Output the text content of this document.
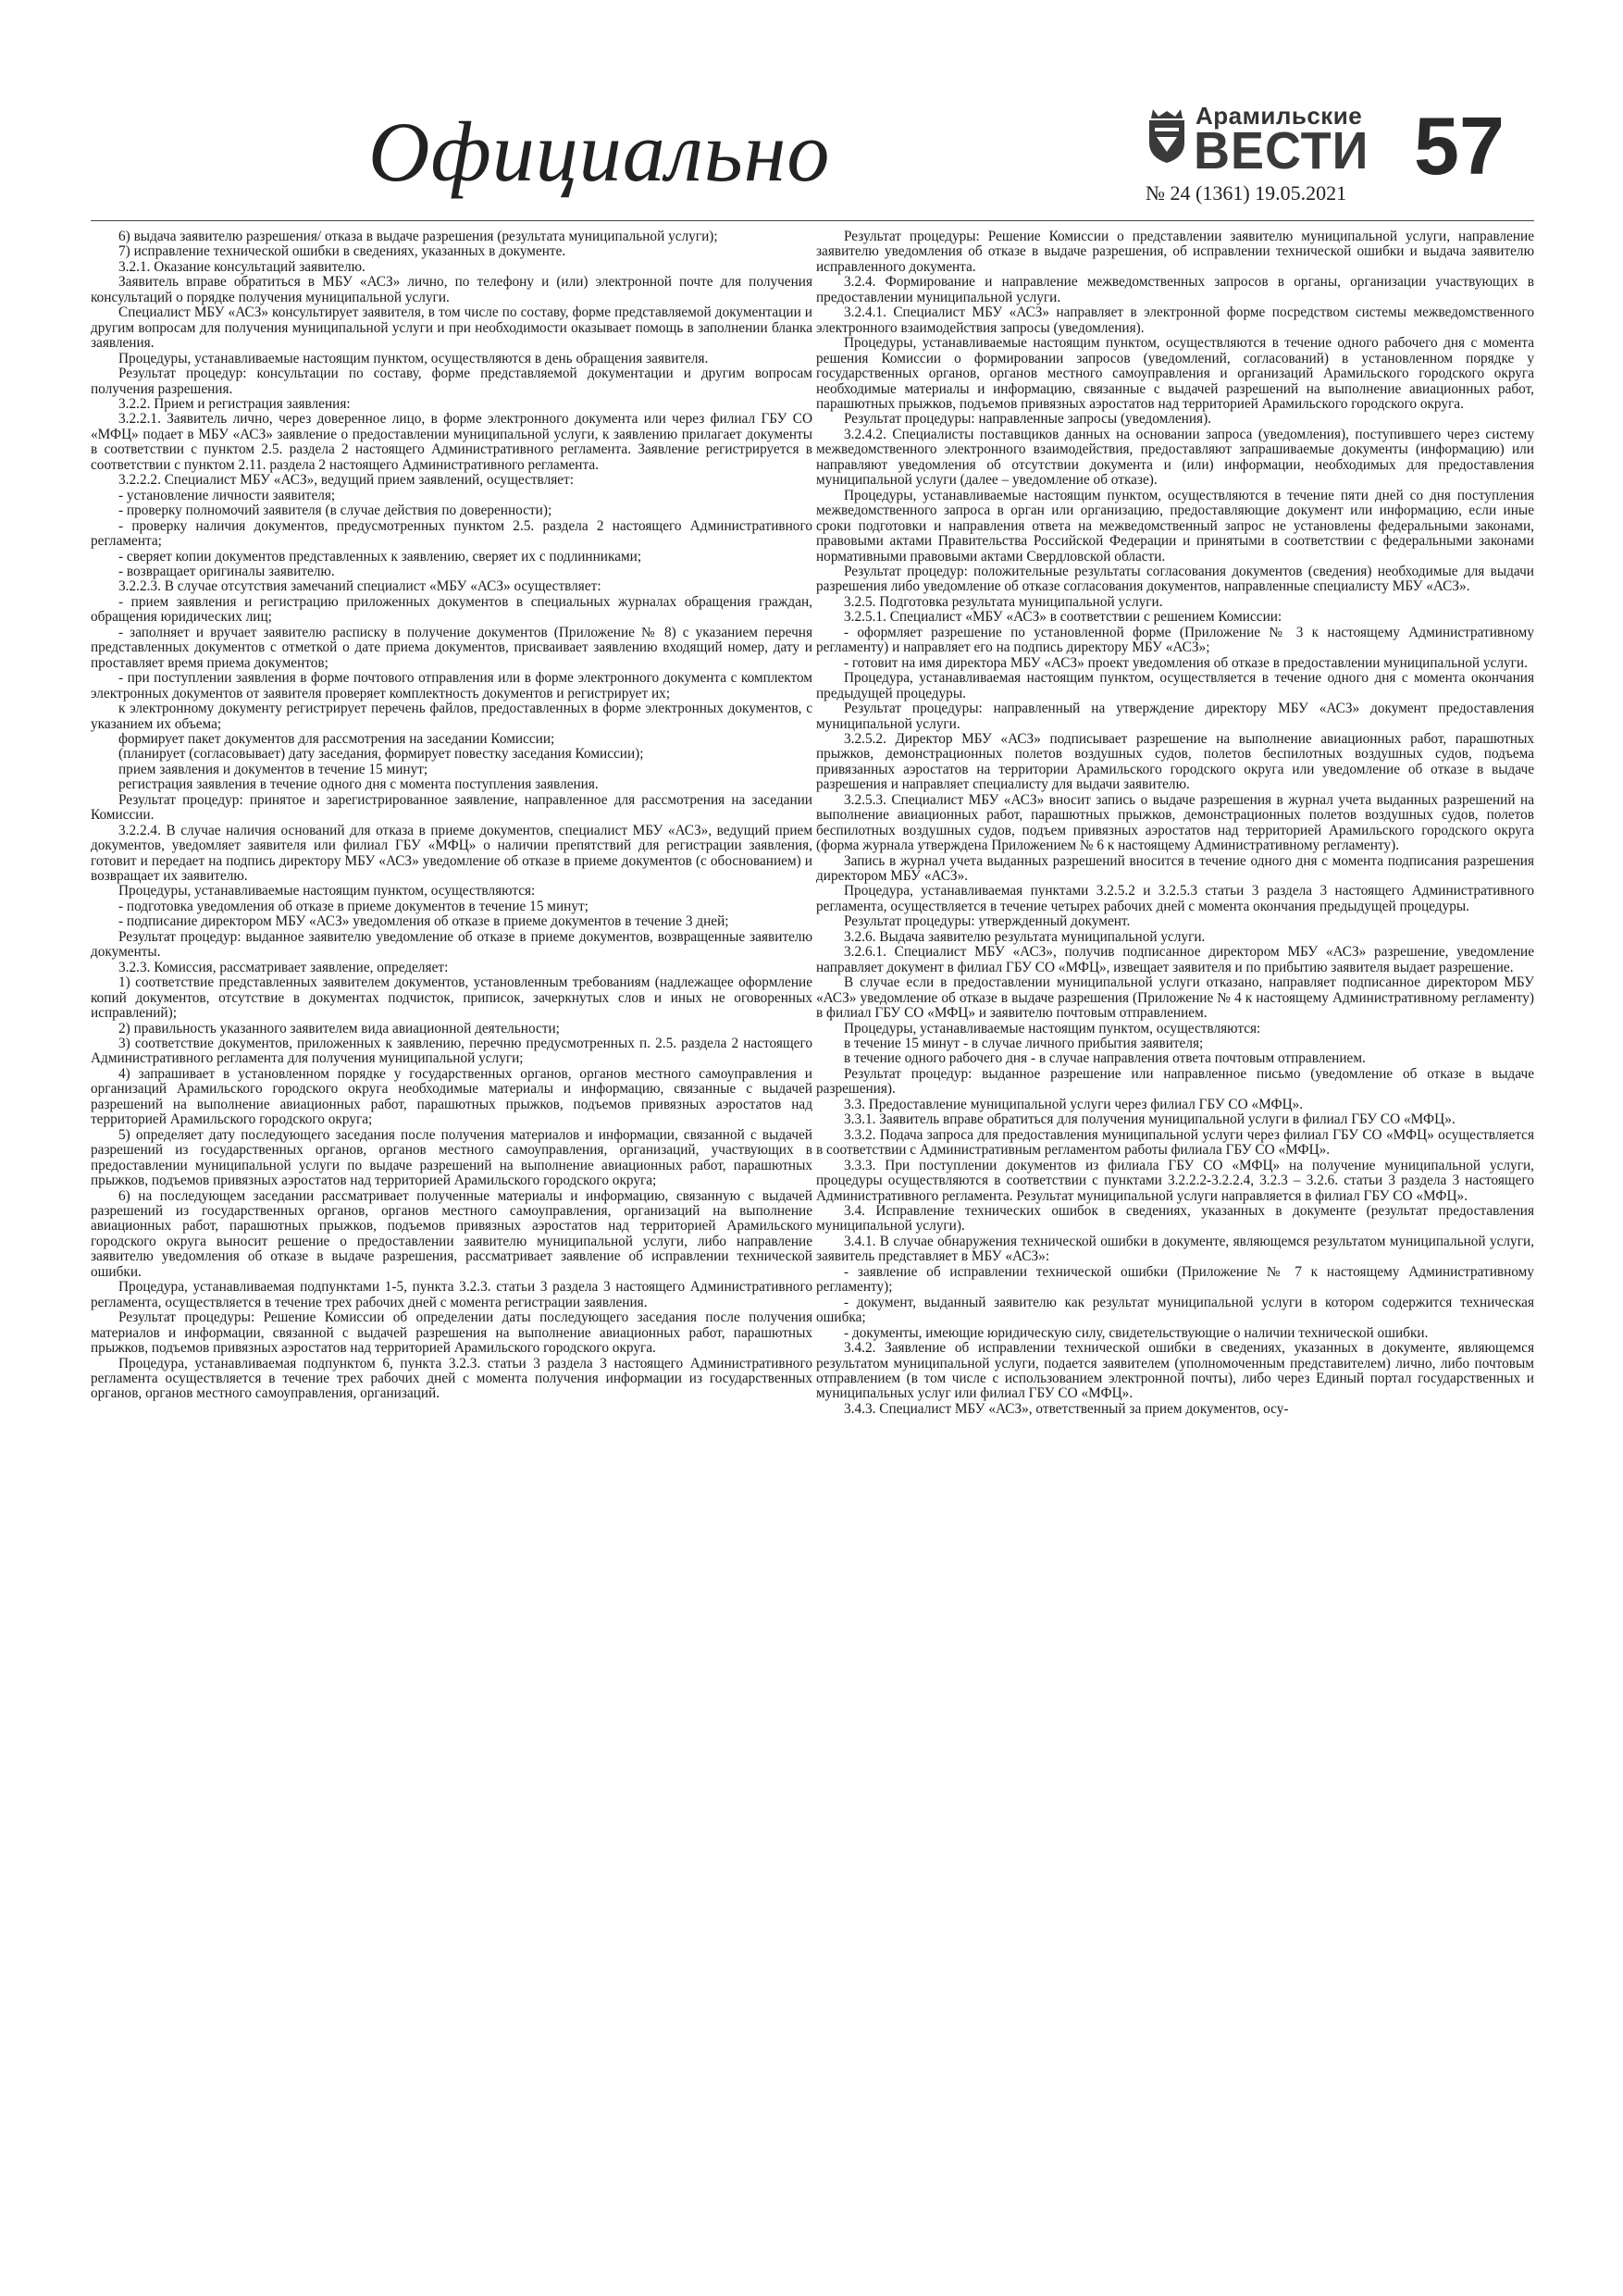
Официально	Арамильские
ВЕСТИ
№ 24 (1361) 19.05.2021
57

6) выдача заявителю разрешения/ отказа в выдаче разрешения (результата муниципальной услуги);

7) исправление технической ошибки в сведениях, указанных в документе.

3.2.1. Оказание консультаций заявителю.

Заявитель вправе обратиться в МБУ «АСЗ» лично, по телефону и (или) электронной почте для получения консультаций о порядке получения муниципальной услуги.

Специалист МБУ «АСЗ» консультирует заявителя, в том числе по составу, форме представляемой документации и другим вопросам для получения муниципальной услуги и при необходимости оказывает помощь в заполнении бланка заявления.

Процедуры, устанавливаемые настоящим пунктом, осуществляются в день обращения заявителя.

Результат процедур: консультации по составу, форме представляемой документации и другим вопросам получения разрешения.

3.2.2. Прием и регистрация заявления:

3.2.2.1. Заявитель лично, через доверенное лицо, в форме электронного документа или через филиал ГБУ СО «МФЦ» подает в МБУ «АСЗ» заявление о предоставлении муниципальной услуги, к заявлению прилагает документы в соответствии с пунктом 2.5. раздела 2 настоящего Административного регламента. Заявление регистрируется в соответствии с пунктом 2.11. раздела 2 настоящего Административного регламента.

3.2.2.2. Специалист МБУ «АСЗ», ведущий прием заявлений, осуществляет:

- установление личности заявителя;

- проверку полномочий заявителя (в случае действия по доверенности);

- проверку наличия документов, предусмотренных пунктом 2.5. раздела 2 настоящего Административного регламента;

- сверяет копии документов представленных к заявлению, сверяет их с подлинниками;

- возвращает оригиналы заявителю.

3.2.2.3. В случае отсутствия замечаний специалист «МБУ «АСЗ» осуществляет:

- прием заявления и регистрацию приложенных документов в специальных журналах обращения граждан, обращения юридических лиц;

- заполняет и вручает заявителю расписку в получение документов (Приложение № 8) с указанием перечня представленных документов с отметкой о дате приема документов, присваивает заявлению входящий номер, дату и проставляет время приема документов;

- при поступлении заявления в форме почтового отправления или в форме электронного документа с комплектом электронных документов от заявителя проверяет комплектность документов и регистрирует их;

к электронному документу регистрирует перечень файлов, предоставленных в форме электронных документов, с указанием их объема;

формирует пакет документов для рассмотрения на заседании Комиссии;

(планирует (согласовывает) дату заседания, формирует повестку заседания Комиссии);

прием заявления и документов в течение 15 минут;

регистрация заявления в течение одного дня с момента поступления заявления.

Результат процедур: принятое и зарегистрированное заявление, направленное для рассмотрения на заседании Комиссии.

3.2.2.4. В случае наличия оснований для отказа в приеме документов, специалист МБУ «АСЗ», ведущий прием документов, уведомляет заявителя или филиал ГБУ «МФЦ» о наличии препятствий для регистрации заявления, готовит и передает на подпись директору МБУ «АСЗ» уведомление об отказе в приеме документов (с обоснованием) и возвращает их заявителю.

Процедуры, устанавливаемые настоящим пунктом, осуществляются:

- подготовка уведомления об отказе в приеме документов в течение 15 минут;

- подписание директором МБУ «АСЗ» уведомления об отказе в приеме документов в течение 3 дней;

Результат процедур: выданное заявителю уведомление об отказе в приеме документов, возвращенные заявителю документы.

3.2.3. Комиссия, рассматривает заявление, определяет:

1) соответствие представленных заявителем документов, установленным требованиям (надлежащее оформление копий документов, отсутствие в документах подчисток, приписок, зачеркнутых слов и иных не оговоренных исправлений);

2) правильность указанного заявителем вида авиационной деятельности;

3) соответствие документов, приложенных к заявлению, перечню предусмотренных п. 2.5. раздела 2 настоящего Административного регламента для получения муниципальной услуги;

4) запрашивает в установленном порядке у государственных органов, органов местного самоуправления и организаций Арамильского городского округа необходимые материалы и информацию, связанные с выдачей разрешений на выполнение авиационных работ, парашютных прыжков, подъемов привязных аэростатов над территорией Арамильского городского округа;

5) определяет дату последующего заседания после получения материалов и информации, связанной с выдачей разрешений из государственных органов, органов местного самоуправления, организаций, участвующих в предоставлении муниципальной услуги по выдаче разрешений на выполнение авиационных работ, парашютных прыжков, подъемов привязных аэростатов над территорией Арамильского городского округа;

6) на последующем заседании рассматривает полученные материалы и информацию, связанную с выдачей разрешений из государственных органов, органов местного самоуправления, организаций на выполнение авиационных работ, парашютных прыжков, подъемов привязных аэростатов над территорией Арамильского городского округа выносит решение о предоставлении заявителю муниципальной услуги, либо направление заявителю уведомления об отказе в выдаче разрешения, рассматривает заявление об исправлении технической ошибки.

Процедура, устанавливаемая подпунктами 1-5, пункта 3.2.3. статьи 3 раздела 3 настоящего Административного регламента, осуществляется в течение трех рабочих дней с момента регистрации заявления.

Результат процедуры: Решение Комиссии об определении даты последующего заседания после получения материалов и информации, связанной с выдачей разрешения на выполнение авиационных работ, парашютных прыжков, подъемов привязных аэростатов над территорией Арамильского городского округа.

Процедура, устанавливаемая подпунктом 6, пункта 3.2.3. статьи 3 раздела 3 настоящего Административного регламента осуществляется в течение трех рабочих дней с момента получения информации из государственных органов, органов местного самоуправления, организаций.

Результат процедуры: Решение Комиссии о представлении заявителю муниципальной услуги, направление заявителю уведомления об отказе в выдаче разрешения, об исправлении технической ошибки и выдача заявителю исправленного документа.

3.2.4. Формирование и направление межведомственных запросов в органы, организации участвующих в предоставлении муниципальной услуги.

3.2.4.1. Специалист МБУ «АСЗ» направляет в электронной форме посредством системы межведомственного электронного взаимодействия запросы (уведомления).

Процедуры, устанавливаемые настоящим пунктом, осуществляются в течение одного рабочего дня с момента решения Комиссии о формировании запросов (уведомлений, согласований) в установленном порядке у государственных органов, органов местного самоуправления и организаций Арамильского городского округа необходимые материалы и информацию, связанные с выдачей разрешений на выполнение авиационных работ, парашютных прыжков, подъемов привязных аэростатов над территорией Арамильского городского округа.

Результат процедуры: направленные запросы (уведомления).

3.2.4.2. Специалисты поставщиков данных на основании запроса (уведомления), поступившего через систему межведомственного электронного взаимодействия, предоставляют запрашиваемые документы (информацию) или направляют уведомления об отсутствии документа и (или) информации, необходимых для предоставления муниципальной услуги (далее – уведомление об отказе).

Процедуры, устанавливаемые настоящим пунктом, осуществляются в течение пяти дней со дня поступления межведомственного запроса в орган или организацию, предоставляющие документ или информацию, если иные сроки подготовки и направления ответа на межведомственный запрос не установлены федеральными законами, правовыми актами Правительства Российской Федерации и принятыми в соответствии с федеральными законами нормативными правовыми актами Свердловской области.

Результат процедур: положительные результаты согласования документов (сведения) необходимые для выдачи разрешения либо уведомление об отказе согласования документов, направленные специалисту МБУ «АСЗ».

3.2.5. Подготовка результата муниципальной услуги.

3.2.5.1. Специалист «МБУ «АСЗ» в соответствии с решением Комиссии:

- оформляет разрешение по установленной форме (Приложение № 3 к настоящему Административному регламенту) и направляет его на подпись директору МБУ «АСЗ»;

- готовит на имя директора МБУ «АСЗ» проект уведомления об отказе в предоставлении муниципальной услуги.

Процедура, устанавливаемая настоящим пунктом, осуществляется в течение одного дня с момента окончания предыдущей процедуры.

Результат процедуры: направленный на утверждение директору МБУ «АСЗ» документ предоставления муниципальной услуги.

3.2.5.2. Директор МБУ «АСЗ» подписывает разрешение на выполнение авиационных работ, парашютных прыжков, демонстрационных полетов воздушных судов, полетов беспилотных воздушных судов, подъема привязанных аэростатов на территории Арамильского городского округа или уведомление об отказе в выдаче разрешения и направляет специалисту для выдачи заявителю.

3.2.5.3. Специалист МБУ «АСЗ» вносит запись о выдаче разрешения в журнал учета выданных разрешений на выполнение авиационных работ, парашютных прыжков, демонстрационных полетов воздушных судов, полетов беспилотных воздушных судов, подъем привязных аэростатов над территорией Арамильского городского округа (форма журнала утверждена Приложением № 6 к настоящему Административному регламенту).

Запись в журнал учета выданных разрешений вносится в течение одного дня с момента подписания разрешения директором МБУ «АСЗ».

Процедура, устанавливаемая пунктами 3.2.5.2 и 3.2.5.3 статьи 3 раздела 3 настоящего Административного регламента, осуществляется в течение четырех рабочих дней с момента окончания предыдущей процедуры.

Результат процедуры: утвержденный документ.

3.2.6. Выдача заявителю результата муниципальной услуги.

3.2.6.1. Специалист МБУ «АСЗ», получив подписанное директором МБУ «АСЗ» разрешение, уведомление направляет документ в филиал ГБУ СО «МФЦ», извещает заявителя и по прибытию заявителя выдает разрешение.

В случае если в предоставлении муниципальной услуги отказано, направляет подписанное директором МБУ «АСЗ» уведомление об отказе в выдаче разрешения (Приложение № 4 к настоящему Административному регламенту) в филиал ГБУ СО «МФЦ» и заявителю почтовым отправлением.

Процедуры, устанавливаемые настоящим пунктом, осуществляются:

в течение 15 минут - в случае личного прибытия заявителя;

в течение одного рабочего дня - в случае направления ответа почтовым отправлением.

Результат процедур: выданное разрешение или направленное письмо (уведомление об отказе в выдаче разрешения).

3.3. Предоставление муниципальной услуги через филиал ГБУ СО «МФЦ».

3.3.1. Заявитель вправе обратиться для получения муниципальной услуги в филиал ГБУ СО «МФЦ».

3.3.2. Подача запроса для предоставления муниципальной услуги через филиал ГБУ СО «МФЦ» осуществляется в соответствии с Административным регламентом работы филиала ГБУ СО «МФЦ».

3.3.3. При поступлении документов из филиала ГБУ СО «МФЦ» на получение муниципальной услуги, процедуры осуществляются в соответствии с пунктами 3.2.2.2-3.2.2.4, 3.2.3 – 3.2.6. статьи 3 раздела 3 настоящего Административного регламента. Результат муниципальной услуги направляется в филиал ГБУ СО «МФЦ».

3.4. Исправление технических ошибок в сведениях, указанных в документе (результат предоставления муниципальной услуги).

3.4.1. В случае обнаружения технической ошибки в документе, являющемся результатом муниципальной услуги, заявитель представляет в МБУ «АСЗ»:

- заявление об исправлении технической ошибки (Приложение № 7 к настоящему Административному регламенту);

- документ, выданный заявителю как результат муниципальной услуги в котором содержится техническая ошибка;

- документы, имеющие юридическую силу, свидетельствующие о наличии технической ошибки.

3.4.2. Заявление об исправлении технической ошибки в сведениях, указанных в документе, являющемся результатом муниципальной услуги, подается заявителем (уполномоченным представителем) лично, либо почтовым отправлением (в том числе с использованием электронной почты), либо через Единый портал государственных и муниципальных услуг или филиал ГБУ СО «МФЦ».

3.4.3. Специалист МБУ «АСЗ», ответственный за прием документов, осу-
